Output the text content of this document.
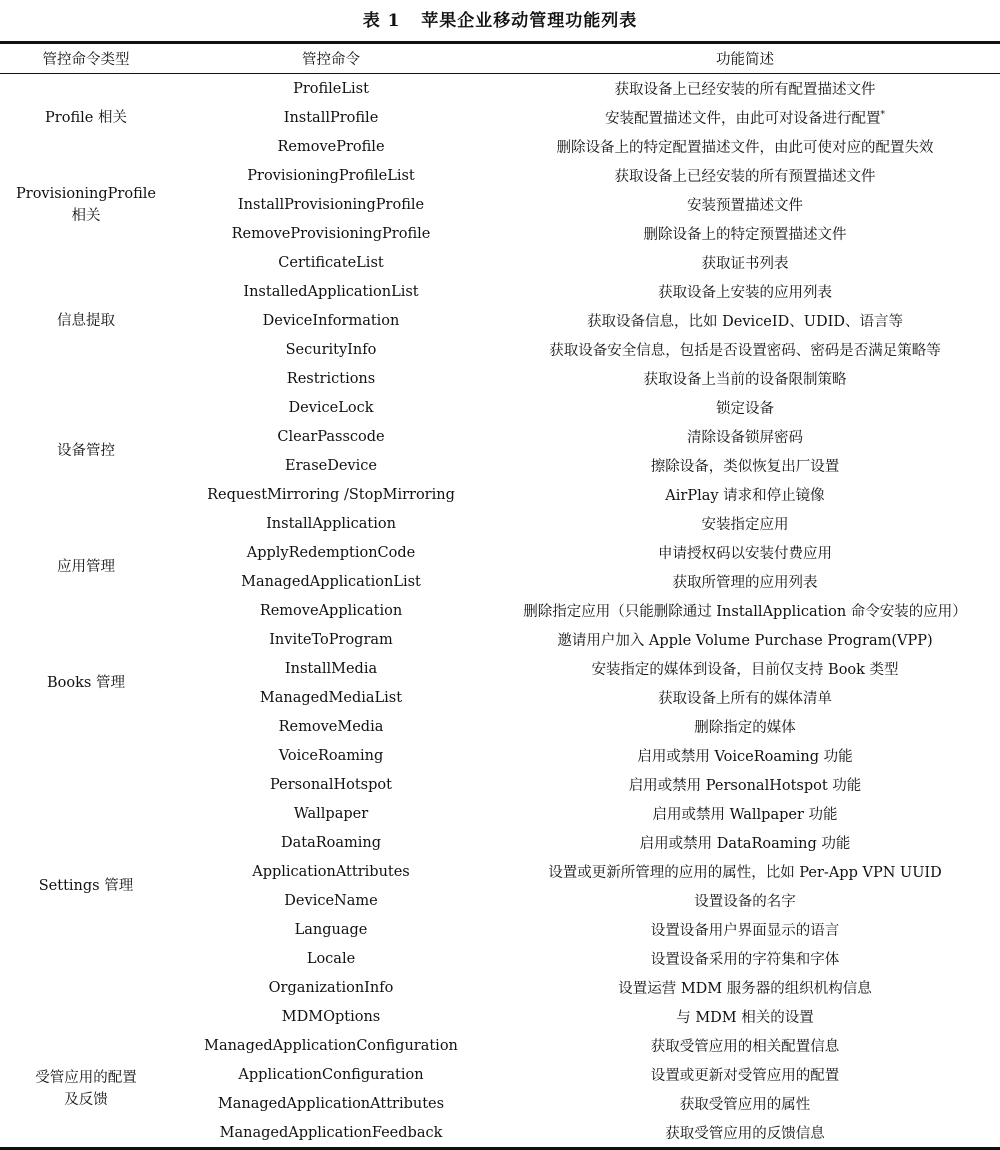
表 1   苹果企业移动管理功能列表
管控命令类型	管控命令	功能简述

Profile 相关	ProfileList	获取设备上已经安装的所有配置描述文件
	InstallProfile	安装配置描述文件，由此可对设备进行配置*
	RemoveProfile	删除设备上的特定配置描述文件，由此可使对应的配置失效

ProvisioningProfile
相关	ProvisioningProfileList	获取设备上已经安装的所有预置描述文件
	InstallProvisioningProfile	安装预置描述文件
	RemoveProvisioningProfile	删除设备上的特定预置描述文件

信息提取	CertificateList	获取证书列表
	InstalledApplicationList	获取设备上安装的应用列表
	DeviceInformation	获取设备信息，比如 DeviceID、UDID、语言等
	SecurityInfo	获取设备安全信息，包括是否设置密码、密码是否满足策略等
	Restrictions	获取设备上当前的设备限制策略

设备管控	DeviceLock	锁定设备
	ClearPasscode	清除设备锁屏密码
	EraseDevice	擦除设备，类似恢复出厂设置
	RequestMirroring /StopMirroring	AirPlay 请求和停止镜像

应用管理	InstallApplication	安装指定应用
	ApplyRedemptionCode	申请授权码以安装付费应用
	ManagedApplicationList	获取所管理的应用列表
	RemoveApplication	删除指定应用（只能删除通过 InstallApplication 命令安装的应用）

Books 管理	InviteToProgram	邀请用户加入 Apple Volume Purchase Program(VPP)
	InstallMedia	安装指定的媒体到设备，目前仅支持 Book 类型
	ManagedMediaList	获取设备上所有的媒体清单
	RemoveMedia	删除指定的媒体

Settings 管理	VoiceRoaming	启用或禁用 VoiceRoaming 功能
	PersonalHotspot	启用或禁用 PersonalHotspot 功能
	Wallpaper	启用或禁用 Wallpaper 功能
	DataRoaming	启用或禁用 DataRoaming 功能
	ApplicationAttributes	设置或更新所管理的应用的属性，比如 Per-App VPN UUID
	DeviceName	设置设备的名字
	Language	设置设备用户界面显示的语言
	Locale	设置设备采用的字符集和字体
	OrganizationInfo	设置运营 MDM 服务器的组织机构信息
	MDMOptions	与 MDM 相关的设置

受管应用的配置
及反馈	ManagedApplicationConfiguration	获取受管应用的相关配置信息
	ApplicationConfiguration	设置或更新对受管应用的配置
	ManagedApplicationAttributes	获取受管应用的属性
	ManagedApplicationFeedback	获取受管应用的反馈信息
